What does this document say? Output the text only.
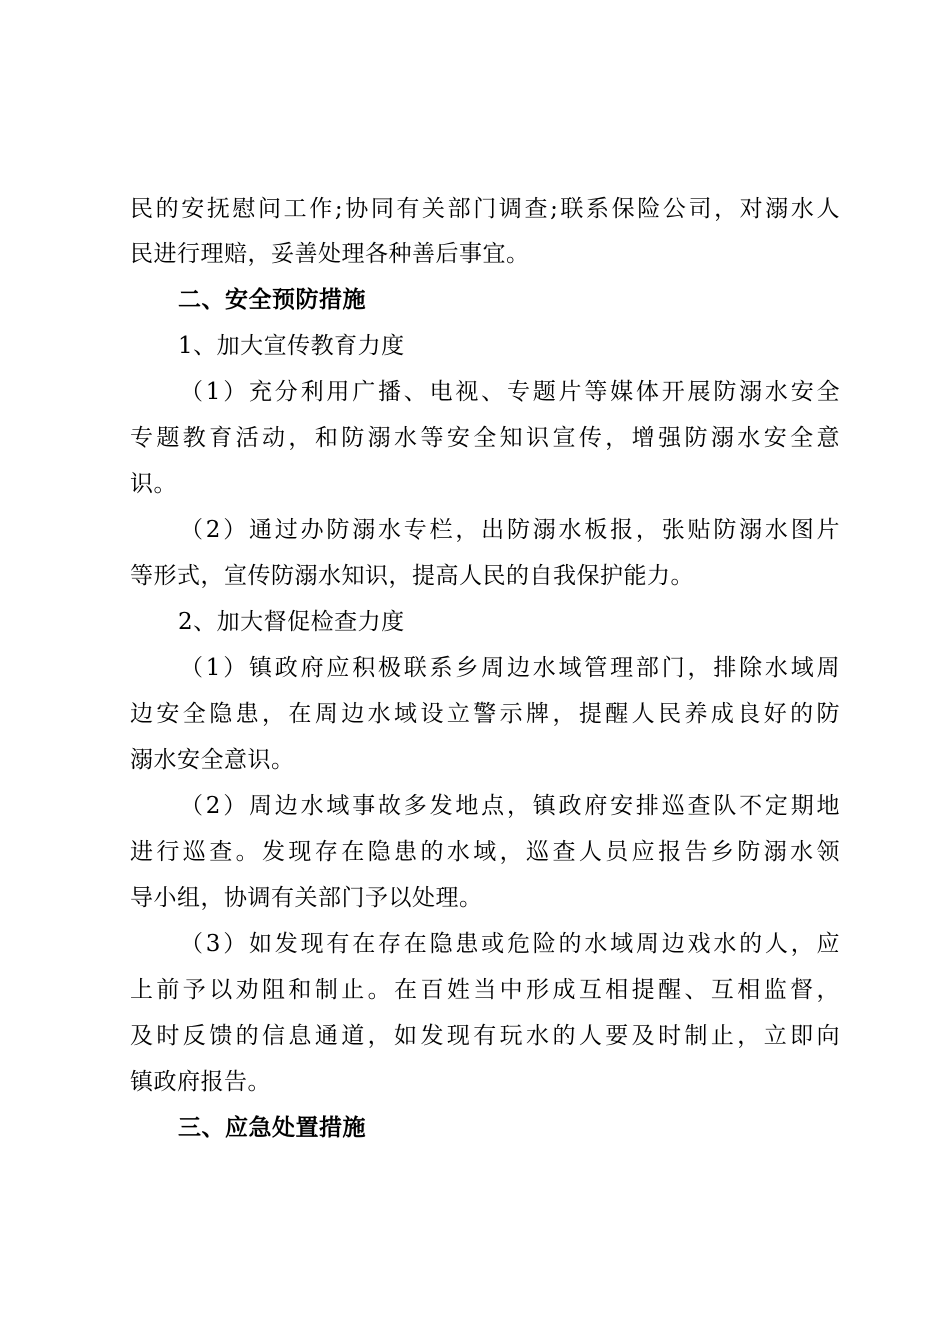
民的安抚慰问工作;协同有关部门调查;联系保险公司，对溺水人
民进行理赔，妥善处理各种善后事宜。
二、安全预防措施
1、加大宣传教育力度
（1）充分利用广播、电视、专题片等媒体开展防溺水安全
专题教育活动，和防溺水等安全知识宣传，增强防溺水安全意
识。
（2）通过办防溺水专栏，出防溺水板报，张贴防溺水图片
等形式，宣传防溺水知识，提高人民的自我保护能力。
2、加大督促检查力度
（1）镇政府应积极联系乡周边水域管理部门，排除水域周
边安全隐患，在周边水域设立警示牌，提醒人民养成良好的防
溺水安全意识。
（2）周边水域事故多发地点，镇政府安排巡查队不定期地
进行巡查。发现存在隐患的水域，巡查人员应报告乡防溺水领
导小组，协调有关部门予以处理。
（3）如发现有在存在隐患或危险的水域周边戏水的人，应
上前予以劝阻和制止。在百姓当中形成互相提醒、互相监督，
及时反馈的信息通道，如发现有玩水的人要及时制止，立即向
镇政府报告。
三、应急处置措施
